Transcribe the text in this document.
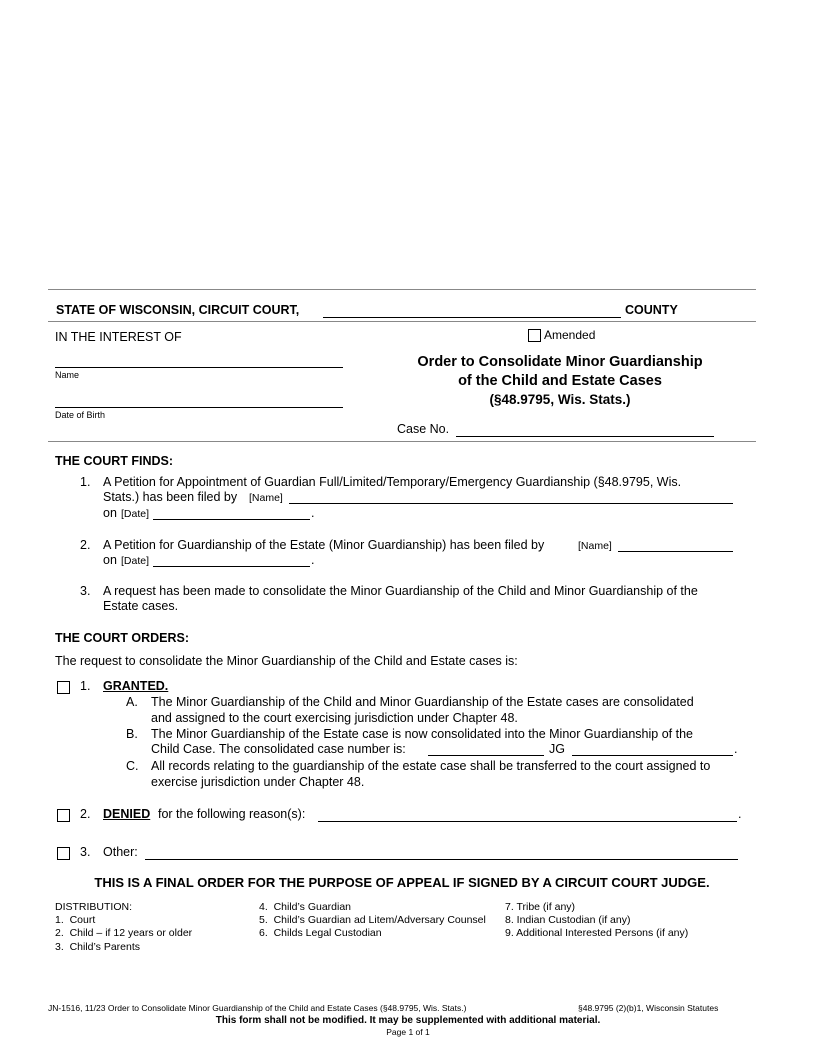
STATE OF WISCONSIN, CIRCUIT COURT,	COUNTY
IN THE INTEREST OF	Amended
Name
Date of Birth
Order to Consolidate Minor Guardianship
of the Child and Estate Cases
(§48.9795, Wis. Stats.)
Case No.
THE COURT FINDS:
1. A Petition for Appointment of Guardian Full/Limited/Temporary/Emergency Guardianship (§48.9795, Wis.
Stats.) has been filed by [Name]
on [Date]	.
2. A Petition for Guardianship of the Estate (Minor Guardianship) has been filed by	[Name]
on [Date]	.
3. A request has been made to consolidate the Minor Guardianship of the Child and Minor Guardianship of the
Estate cases.
THE COURT ORDERS:
The request to consolidate the Minor Guardianship of the Child and Estate cases is:
1. GRANTED.
A. The Minor Guardianship of the Child and Minor Guardianship of the Estate cases are consolidated
and assigned to the court exercising jurisdiction under Chapter 48.
B. The Minor Guardianship of the Estate case is now consolidated into the Minor Guardianship of the
Child Case. The consolidated case number is:	JG	.
C. All records relating to the guardianship of the estate case shall be transferred to the court assigned to
exercise jurisdiction under Chapter 48.
2. DENIED for the following reason(s):	.
3. Other:
THIS IS A FINAL ORDER FOR THE PURPOSE OF APPEAL IF SIGNED BY A CIRCUIT COURT JUDGE.
DISTRIBUTION:
1.  Court
2.  Child – if 12 years or older
3.  Child’s Parents
4.  Child’s Guardian
5.  Child’s Guardian ad Litem/Adversary Counsel
6.  Childs Legal Custodian
7. Tribe (if any)
8. Indian Custodian (if any)
9. Additional Interested Persons (if any)
JN-1516, 11/23 Order to Consolidate Minor Guardianship of the Child and Estate Cases (§48.9795, Wis. Stats.)	§48.9795 (2)(b)1, Wisconsin Statutes
This form shall not be modified. It may be supplemented with additional material.
Page 1 of 1
